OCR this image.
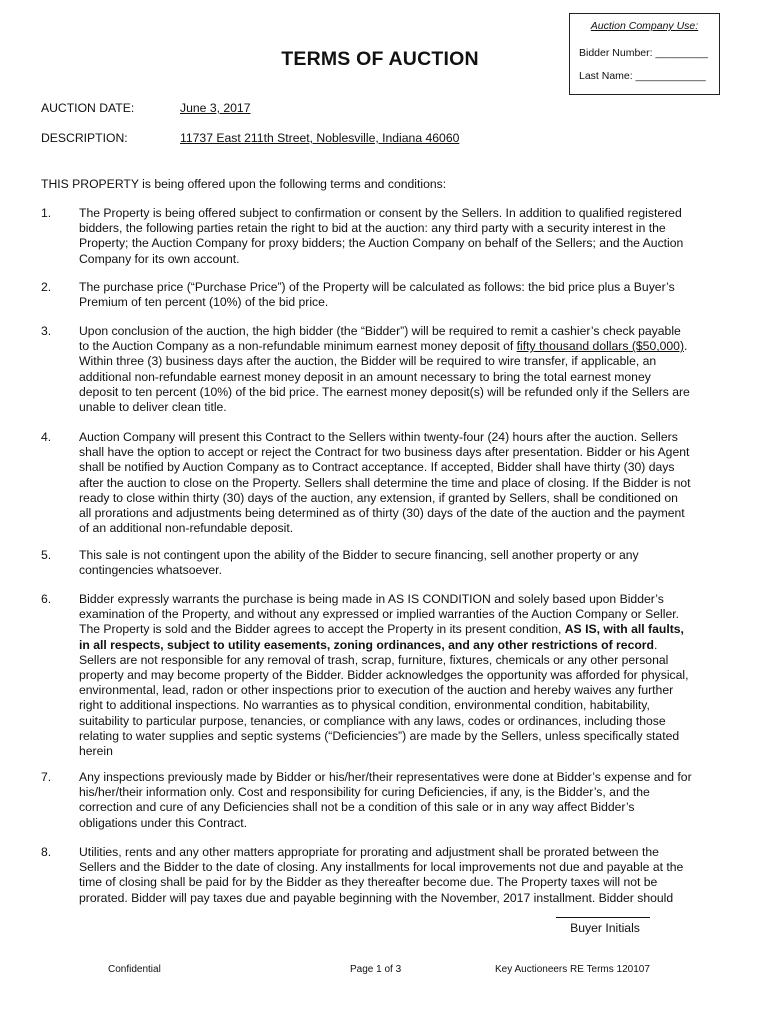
Auction Company Use:
Bidder Number: _________
Last Name: ____________
TERMS OF AUCTION
AUCTION DATE:	June 3, 2017
DESCRIPTION:	11737 East 211th Street, Noblesville, Indiana 46060
THIS PROPERTY is being offered upon the following terms and conditions:
1. The Property is being offered subject to confirmation or consent by the Sellers. In addition to qualified registered
bidders, the following parties retain the right to bid at the auction: any third party with a security interest in the
Property; the Auction Company for proxy bidders; the Auction Company on behalf of the Sellers; and the Auction
Company for its own account.
2. The purchase price (“Purchase Price”) of the Property will be calculated as follows: the bid price plus a Buyer’s
Premium of ten percent (10%) of the bid price.
3. Upon conclusion of the auction, the high bidder (the “Bidder”) will be required to remit a cashier’s check payable
to the Auction Company as a non-refundable minimum earnest money deposit of fifty thousand dollars ($50,000).
Within three (3) business days after the auction, the Bidder will be required to wire transfer, if applicable, an
additional non-refundable earnest money deposit in an amount necessary to bring the total earnest money
deposit to ten percent (10%) of the bid price. The earnest money deposit(s) will be refunded only if the Sellers are
unable to deliver clean title.
4. Auction Company will present this Contract to the Sellers within twenty-four (24) hours after the auction. Sellers
shall have the option to accept or reject the Contract for two business days after presentation. Bidder or his Agent
shall be notified by Auction Company as to Contract acceptance. If accepted, Bidder shall have thirty (30) days
after the auction to close on the Property. Sellers shall determine the time and place of closing. If the Bidder is not
ready to close within thirty (30) days of the auction, any extension, if granted by Sellers, shall be conditioned on
all prorations and adjustments being determined as of thirty (30) days of the date of the auction and the payment
of an additional non-refundable deposit.
5. This sale is not contingent upon the ability of the Bidder to secure financing, sell another property or any
contingencies whatsoever.
6. Bidder expressly warrants the purchase is being made in AS IS CONDITION and solely based upon Bidder’s
examination of the Property, and without any expressed or implied warranties of the Auction Company or Seller.
The Property is sold and the Bidder agrees to accept the Property in its present condition, AS IS, with all faults,
in all respects, subject to utility easements, zoning ordinances, and any other restrictions of record.
Sellers are not responsible for any removal of trash, scrap, furniture, fixtures, chemicals or any other personal
property and may become property of the Bidder. Bidder acknowledges the opportunity was afforded for physical,
environmental, lead, radon or other inspections prior to execution of the auction and hereby waives any further
right to additional inspections. No warranties as to physical condition, environmental condition, habitability,
suitability to particular purpose, tenancies, or compliance with any laws, codes or ordinances, including those
relating to water supplies and septic systems (“Deficiencies”) are made by the Sellers, unless specifically stated
herein
7. Any inspections previously made by Bidder or his/her/their representatives were done at Bidder’s expense and for
his/her/their information only. Cost and responsibility for curing Deficiencies, if any, is the Bidder’s, and the
correction and cure of any Deficiencies shall not be a condition of this sale or in any way affect Bidder’s
obligations under this Contract.
8. Utilities, rents and any other matters appropriate for prorating and adjustment shall be prorated between the
Sellers and the Bidder to the date of closing. Any installments for local improvements not due and payable at the
time of closing shall be paid for by the Bidder as they thereafter become due. The Property taxes will not be
prorated. Bidder will pay taxes due and payable beginning with the November, 2017 installment. Bidder should
Buyer Initials
Confidential	Page 1 of 3	Key Auctioneers RE Terms 120107
